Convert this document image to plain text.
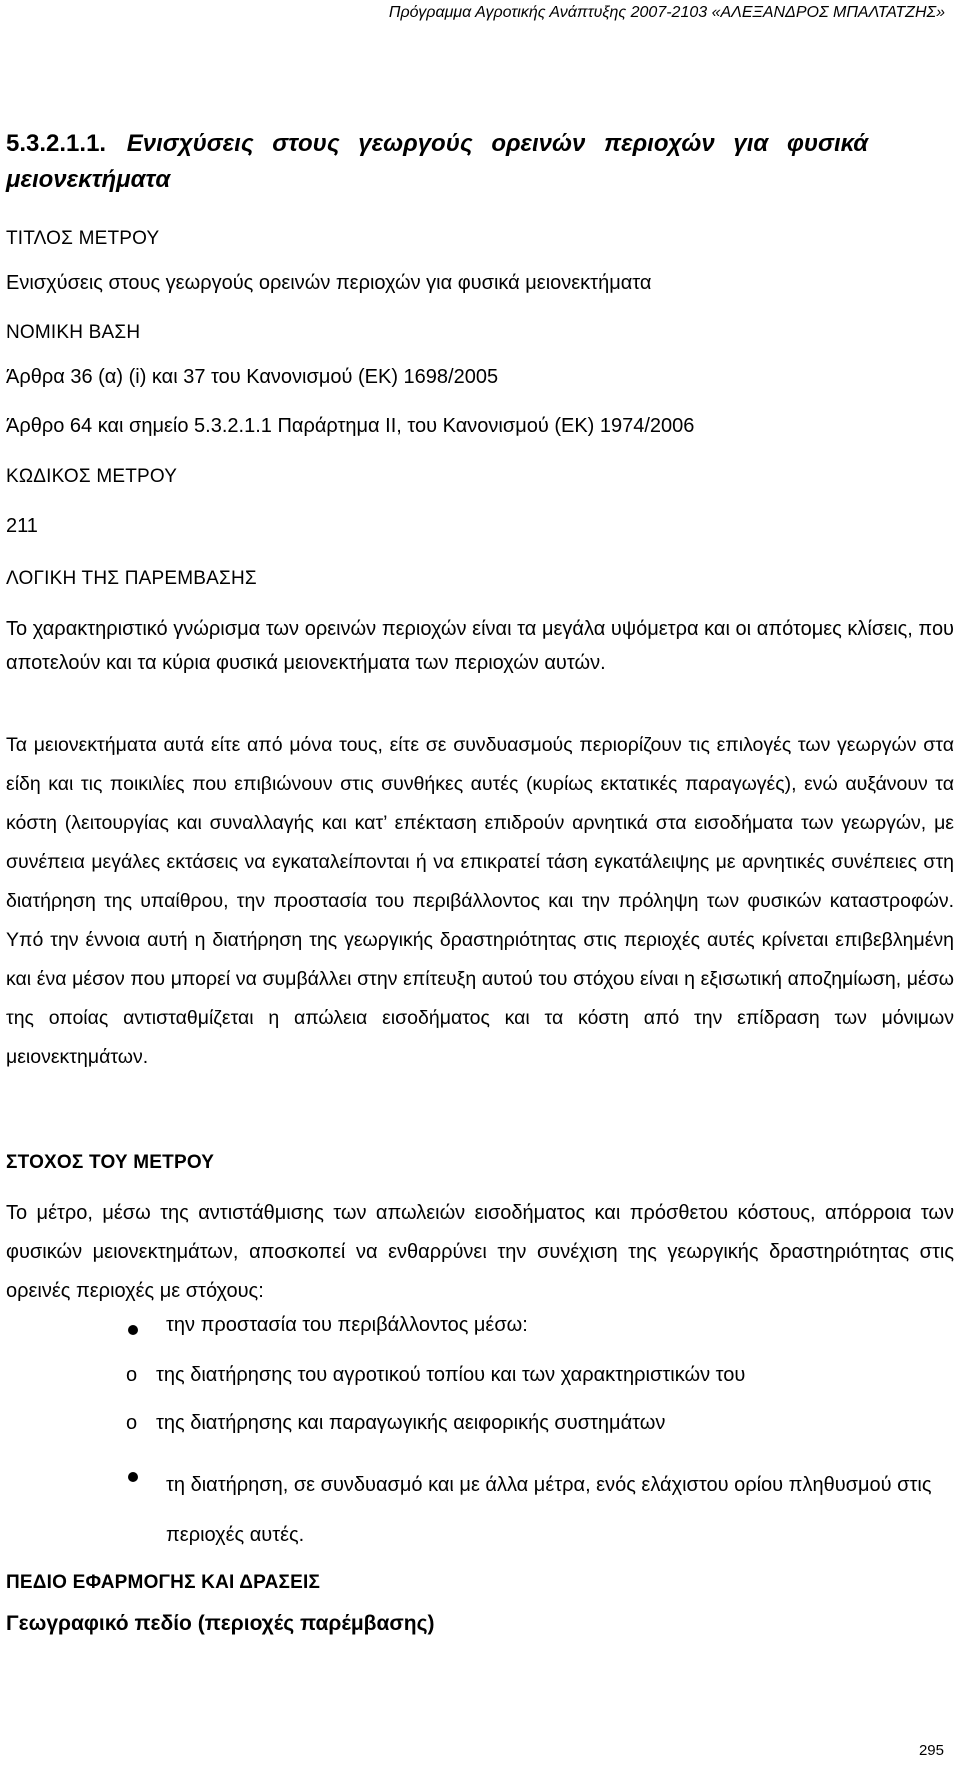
Πρόγραμμα Αγροτικής Ανάπτυξης 2007-2103 «ΑΛΕΞΑΝΔΡΟΣ ΜΠΑΛΤΑΤΖΗΣ»
5.3.2.1.1. Ενισχύσεις στους γεωργούς ορεινών περιοχών για φυσικά μειονεκτήματα
ΤΙΤΛΟΣ ΜΕΤΡΟΥ
Ενισχύσεις στους γεωργούς ορεινών περιοχών για φυσικά μειονεκτήματα
ΝΟΜΙΚΗ ΒΑΣΗ
Άρθρα 36 (α) (i) και 37 του Κανονισμού (ΕΚ) 1698/2005
Άρθρο 64 και σημείο 5.3.2.1.1 Παράρτημα ΙΙ, του Κανονισμού (ΕΚ) 1974/2006
ΚΩΔΙΚΟΣ ΜΕΤΡΟΥ
211
ΛΟΓΙΚΗ ΤΗΣ ΠΑΡΕΜΒΑΣΗΣ
Το χαρακτηριστικό γνώρισμα των ορεινών περιοχών είναι τα μεγάλα υψόμετρα και οι απότομες κλίσεις, που αποτελούν και τα κύρια φυσικά μειονεκτήματα των περιοχών αυτών.
Τα μειονεκτήματα αυτά είτε από μόνα τους, είτε σε συνδυασμούς περιορίζουν τις επιλογές των γεωργών στα είδη και τις ποικιλίες που επιβιώνουν στις συνθήκες αυτές (κυρίως εκτατικές παραγωγές), ενώ αυξάνουν τα κόστη (λειτουργίας και συναλλαγής και κατ’ επέκταση επιδρούν αρνητικά στα εισοδήματα των γεωργών, με συνέπεια μεγάλες εκτάσεις να εγκαταλείπονται ή να επικρατεί τάση εγκατάλειψης με αρνητικές συνέπειες στη διατήρηση της υπαίθρου, την προστασία του περιβάλλοντος και την πρόληψη των φυσικών καταστροφών. Υπό την έννοια αυτή η διατήρηση της γεωργικής δραστηριότητας στις περιοχές αυτές κρίνεται επιβεβλημένη και ένα μέσον που μπορεί να συμβάλλει στην επίτευξη αυτού του στόχου είναι η εξισωτική αποζημίωση, μέσω της οποίας αντισταθμίζεται η απώλεια εισοδήματος και τα κόστη από την επίδραση των μόνιμων μειονεκτημάτων.
ΣΤΟΧΟΣ ΤΟΥ ΜΕΤΡΟΥ
Το μέτρο, μέσω της αντιστάθμισης των απωλειών εισοδήματος και πρόσθετου κόστους, απόρροια των φυσικών μειονεκτημάτων, αποσκοπεί να ενθαρρύνει την συνέχιση της γεωργικής δραστηριότητας στις ορεινές περιοχές με στόχους:
την προστασία του περιβάλλοντος μέσω:
o της διατήρησης του αγροτικού τοπίου και των χαρακτηριστικών του
o της διατήρησης και παραγωγικής αειφορικής συστημάτων
τη διατήρηση, σε συνδυασμό και με άλλα μέτρα, ενός ελάχιστου ορίου πληθυσμού στις περιοχές αυτές.
ΠΕΔΙΟ ΕΦΑΡΜΟΓΗΣ ΚΑΙ ΔΡΑΣΕΙΣ
Γεωγραφικό πεδίο (περιοχές παρέμβασης)
295
